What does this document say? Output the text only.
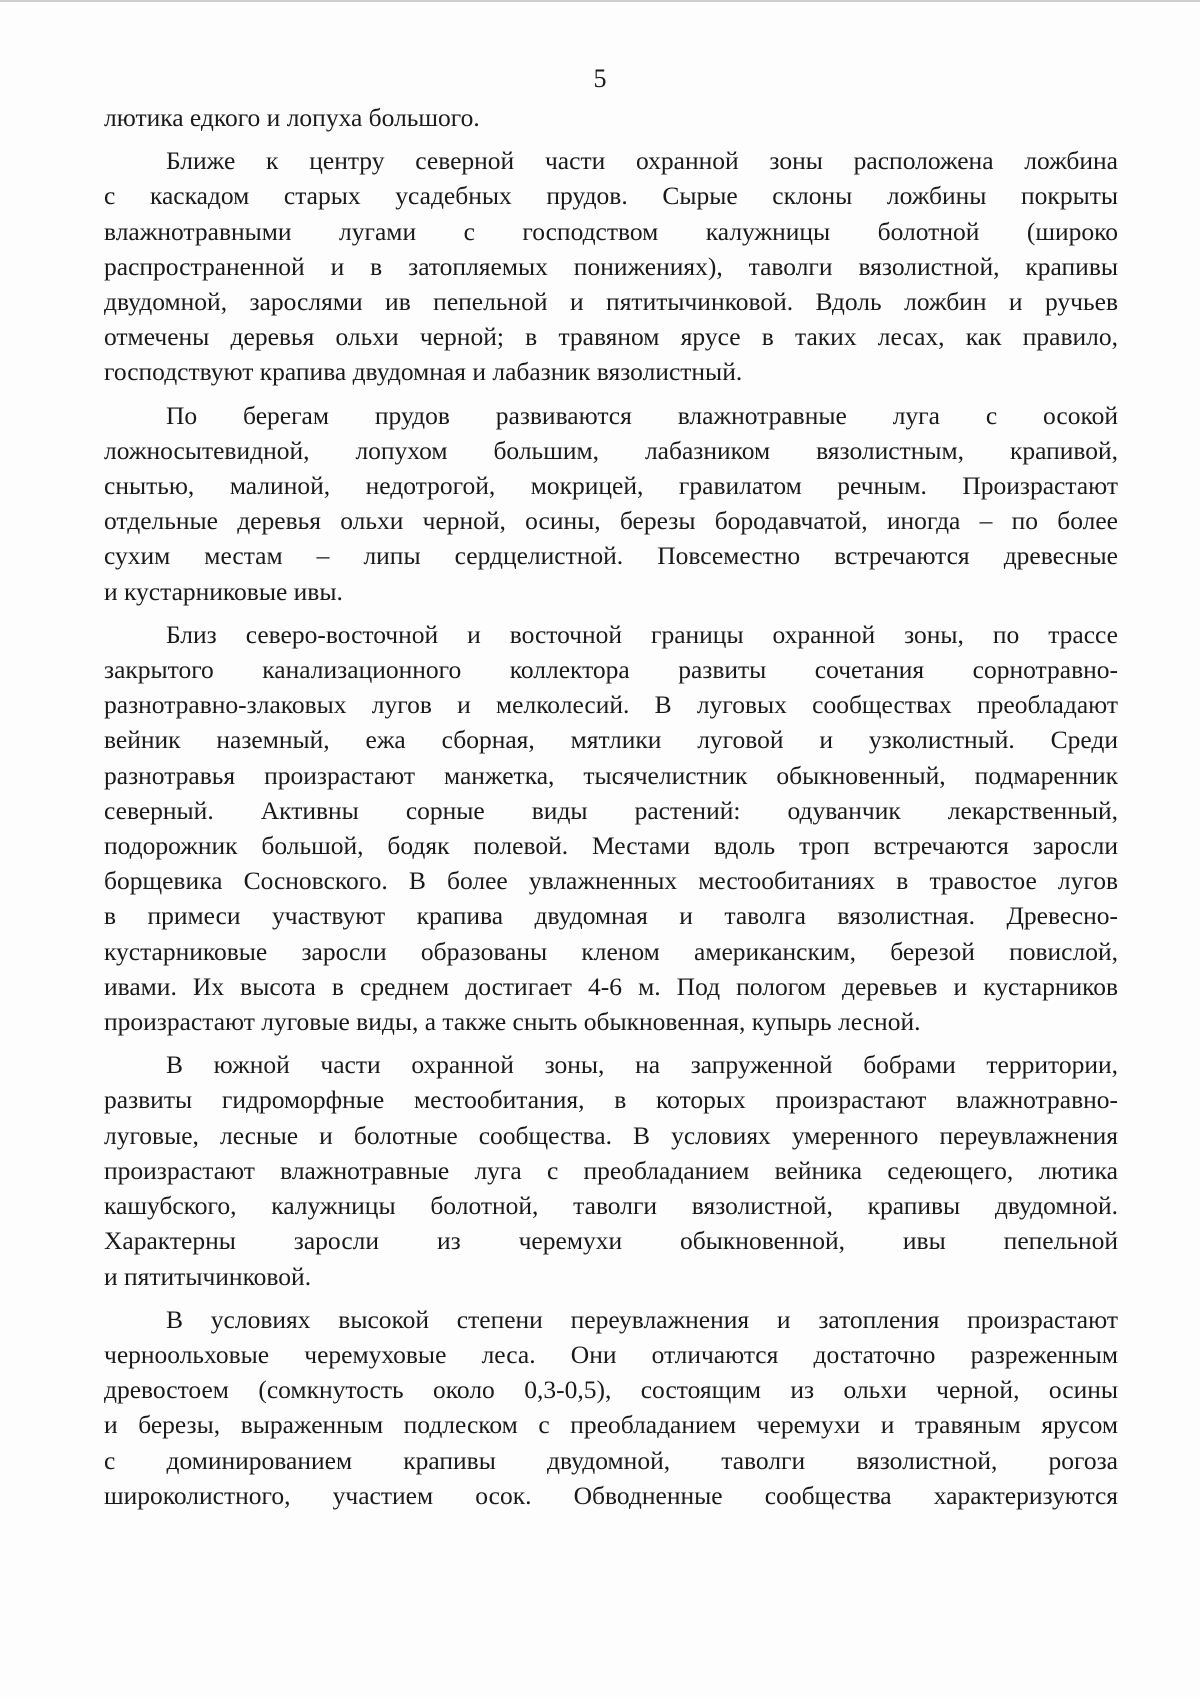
5
лютика едкого и лопуха большого.
Ближе к центру северной части охранной зоны расположена ложбина
с каскадом старых усадебных прудов. Сырые склоны ложбины покрыты
влажнотравными лугами с господством калужницы болотной (широко
распространенной и в затопляемых понижениях), таволги вязолистной, крапивы
двудомной, зарослями ив пепельной и пятитычинковой. Вдоль ложбин и ручьев
отмечены деревья ольхи черной; в травяном ярусе в таких лесах, как правило,
господствуют крапива двудомная и лабазник вязолистный.
По берегам прудов развиваются влажнотравные луга с осокой
ложносытевидной, лопухом большим, лабазником вязолистным, крапивой,
снытью, малиной, недотрогой, мокрицей, гравилатом речным. Произрастают
отдельные деревья ольхи черной, осины, березы бородавчатой, иногда – по более
сухим местам – липы сердцелистной. Повсеместно встречаются древесные
и кустарниковые ивы.
Близ северо-восточной и восточной границы охранной зоны, по трассе
закрытого канализационного коллектора развиты сочетания сорнотравно-
разнотравно-злаковых лугов и мелколесий. В луговых сообществах преобладают
вейник наземный, ежа сборная, мятлики луговой и узколистный. Среди
разнотравья произрастают манжетка, тысячелистник обыкновенный, подмаренник
северный. Активны сорные виды растений: одуванчик лекарственный,
подорожник большой, бодяк полевой. Местами вдоль троп встречаются заросли
борщевика Сосновского. В более увлажненных местообитаниях в травостое лугов
в примеси участвуют крапива двудомная и таволга вязолистная. Древесно-
кустарниковые заросли образованы кленом американским, березой повислой,
ивами. Их высота в среднем достигает 4-6 м. Под пологом деревьев и кустарников
произрастают луговые виды, а также сныть обыкновенная, купырь лесной.
В южной части охранной зоны, на запруженной бобрами территории,
развиты гидроморфные местообитания, в которых произрастают влажнотравно-
луговые, лесные и болотные сообщества. В условиях умеренного переувлажнения
произрастают влажнотравные луга с преобладанием вейника седеющего, лютика
кашубского, калужницы болотной, таволги вязолистной, крапивы двудомной.
Характерны заросли из черемухи обыкновенной, ивы пепельной
и пятитычинковой.
В условиях высокой степени переувлажнения и затопления произрастают
черноольховые черемуховые леса. Они отличаются достаточно разреженным
древостоем (сомкнутость около 0,3-0,5), состоящим из ольхи черной, осины
и березы, выраженным подлеском с преобладанием черемухи и травяным ярусом
с доминированием крапивы двудомной, таволги вязолистной, рогоза
широколистного, участием осок. Обводненные сообщества характеризуются
